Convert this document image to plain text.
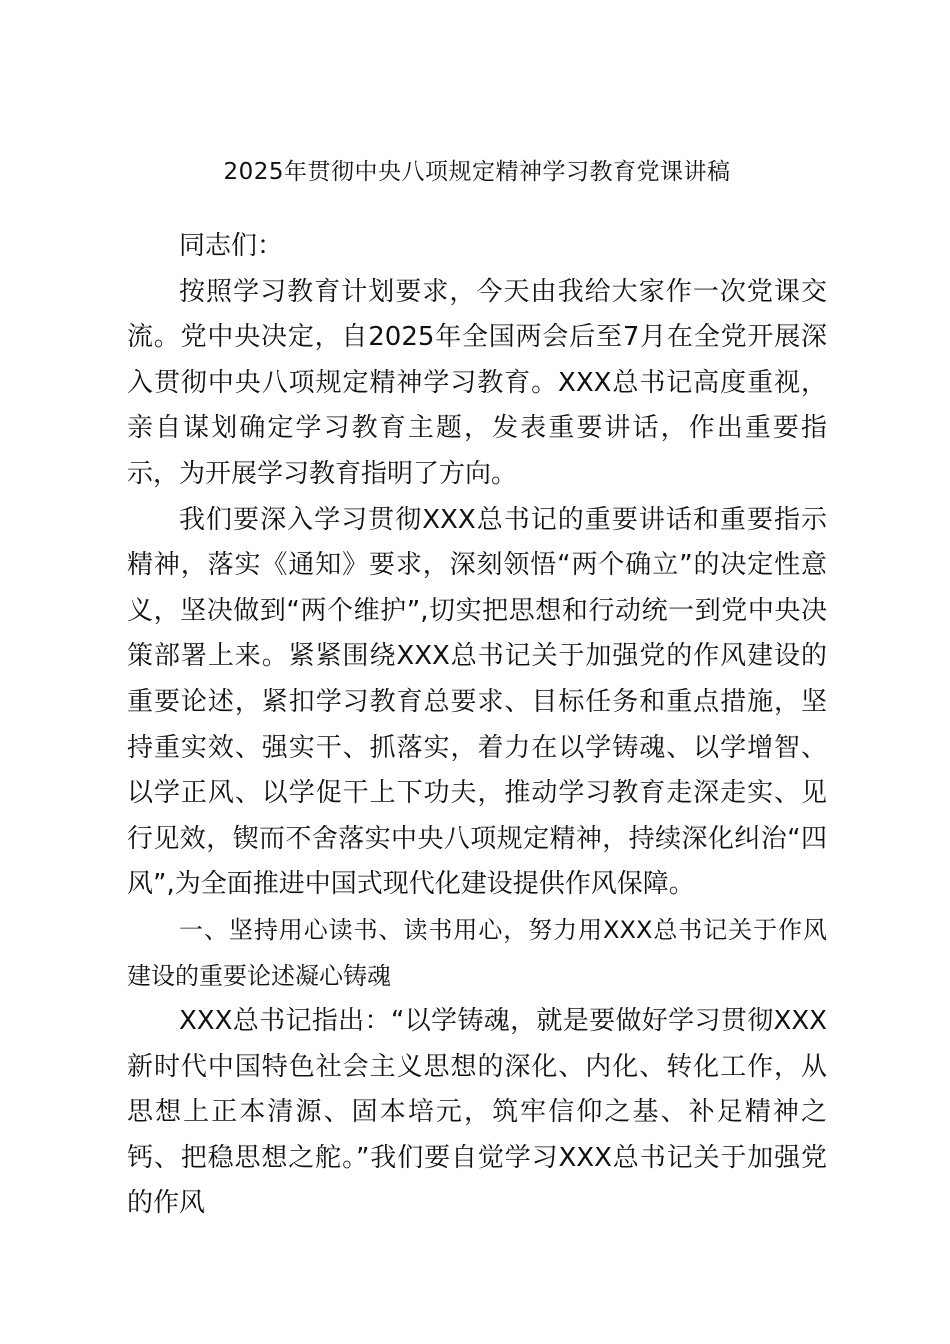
2025年贯彻中央八项规定精神学习教育党课讲稿

同志们：

按照学习教育计划要求，今天由我给大家作一次党课交流。党中央决定，自2025年全国两会后至7月在全党开展深入贯彻中央八项规定精神学习教育。XXX总书记高度重视，亲自谋划确定学习教育主题，发表重要讲话，作出重要指示，为开展学习教育指明了方向。

我们要深入学习贯彻XXX总书记的重要讲话和重要指示精神，落实《通知》要求，深刻领悟“两个确立”的决定性意义，坚决做到“两个维护”,切实把思想和行动统一到党中央决策部署上来。紧紧围绕XXX总书记关于加强党的作风建设的重要论述，紧扣学习教育总要求、目标任务和重点措施，坚持重实效、强实干、抓落实，着力在以学铸魂、以学增智、以学正风、以学促干上下功夫，推动学习教育走深走实、见行见效，锲而不舍落实中央八项规定精神，持续深化纠治“四风”,为全面推进中国式现代化建设提供作风保障。

一、坚持用心读书、读书用心，努力用XXX总书记关于作风建设的重要论述凝心铸魂

XXX总书记指出：“以学铸魂，就是要做好学习贯彻XXX新时代中国特色社会主义思想的深化、内化、转化工作，从思想上正本清源、固本培元，筑牢信仰之基、补足精神之钙、把稳思想之舵。”我们要自觉学习XXX总书记关于加强党的作风
